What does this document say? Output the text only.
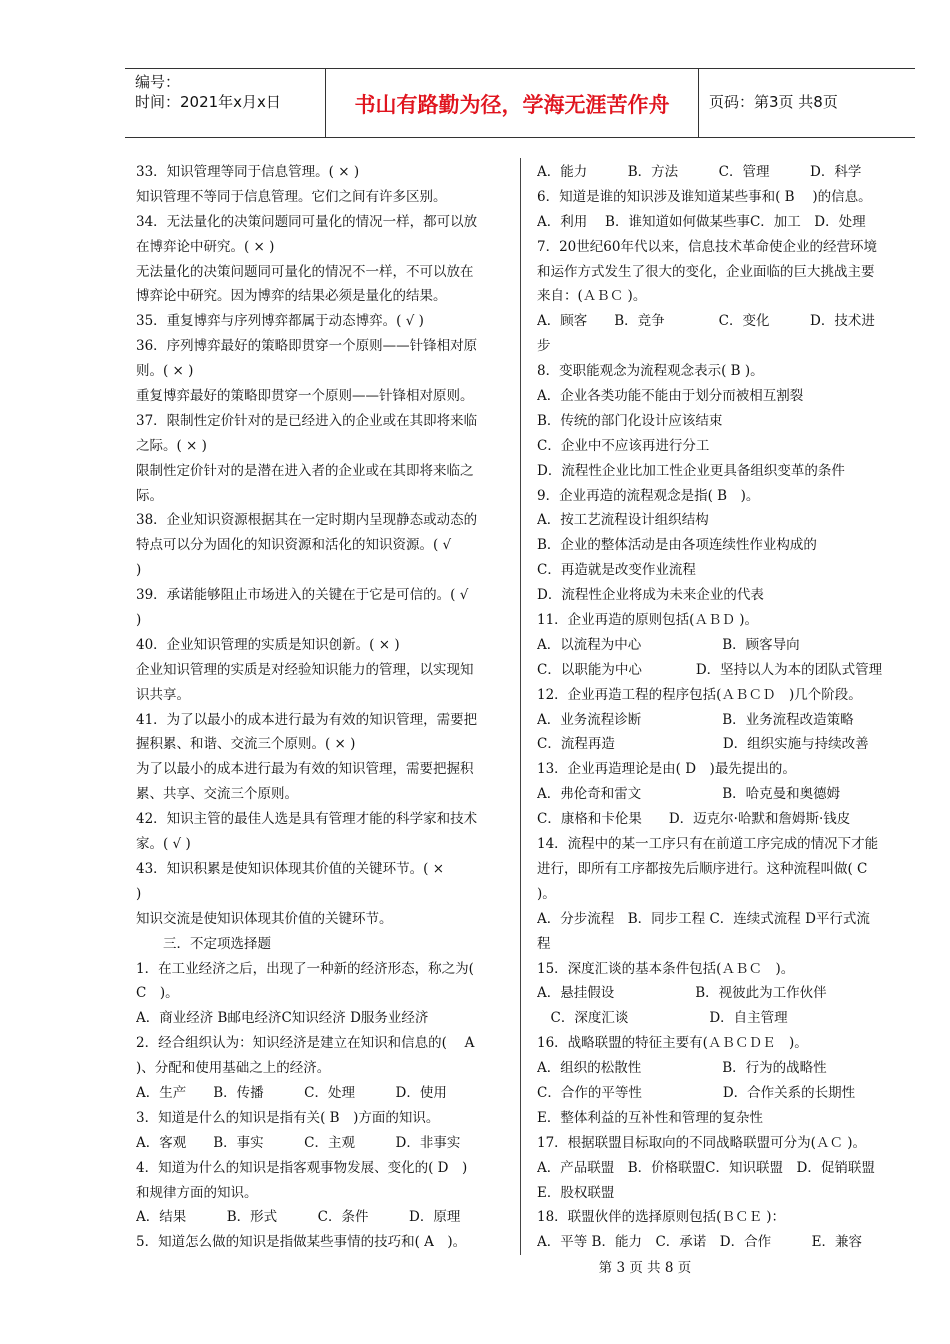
编号：
时间：2021年x月x日	书山有路勤为径，学海无涯苦作舟	页码：第3页 共8页
33．知识管理等同于信息管理。( × )
知识管理不等同于信息管理。它们之间有许多区别。
34．无法量化的决策问题同可量化的情况一样，都可以放
在博弈论中研究。( × )
无法量化的决策问题同可量化的情况不一样，不可以放在
博弈论中研究。因为博弈的结果必须是量化的结果。
35．重复博弈与序列博弈都属于动态博弈。( √ )
36．序列博弈最好的策略即贯穿一个原则——针锋相对原
则。( × )
重复博弈最好的策略即贯穿一个原则——针锋相对原则。
37．限制性定价针对的是已经进入的企业或在其即将来临
之际。( × )
限制性定价针对的是潜在进入者的企业或在其即将来临之
际。
38．企业知识资源根据其在一定时期内呈现静态或动态的
特点可以分为固化的知识资源和活化的知识资源。( √
)
39．承诺能够阻止市场进入的关键在于它是可信的。( √
)
40．企业知识管理的实质是知识创新。( × )
企业知识管理的实质是对经验知识能力的管理，以实现知
识共享。
41．为了以最小的成本进行最为有效的知识管理，需要把
握积累、和谐、交流三个原则。( × )
为了以最小的成本进行最为有效的知识管理，需要把握积
累、共享、交流三个原则。
42．知识主管的最佳人选是具有管理才能的科学家和技术
家。( √ )
43．知识积累是使知识体现其价值的关键环节。( ×
)
知识交流是使知识体现其价值的关键环节。
　　三．不定项选择题
1．在工业经济之后，出现了一种新的经济形态，称之为(
C　)。
A．商业经济 B邮电经济C知识经济 D服务业经济
2．经合组织认为：知识经济是建立在知识和信息的(　 A
)、分配和使用基础之上的经济。
A．生产　　B．传播　　　C．处理　　　D．使用
3．知道是什么的知识是指有关( B　)方面的知识。
A．客观　　B．事实　　　C．主观　　　D．非事实
4．知道为什么的知识是指客观事物发展、变化的( D　)
和规律方面的知识。
A．结果　　　B．形式　　　C．条件　　　D．原理
5．知道怎么做的知识是指做某些事情的技巧和( A　)。
A．能力　　　B．方法　　　C．管理　　　D．科学
6．知道是谁的知识涉及谁知道某些事和( B　 )的信息。
A．利用　 B．谁知道如何做某些事C．加工　D．处理
7．20世纪60年代以来，信息技术革命使企业的经营环境
和运作方式发生了很大的变化，企业面临的巨大挑战主要
来自：(ＡＢＣ )。
A．顾客　　B．竞争　　　　C．变化　　　D．技术进
步
8．变职能观念为流程观念表示( B )。
A．企业各类功能不能由于划分而被相互割裂
B．传统的部门化设计应该结束
C．企业中不应该再进行分工
D．流程性企业比加工性企业更具备组织变革的条件
9．企业再造的流程观念是指( B　)。
A．按工艺流程设计组织结构
B．企业的整体活动是由各项连续性作业构成的
C．再造就是改变作业流程
D．流程性企业将成为未来企业的代表
11．企业再造的原则包括(ＡＢＤ )。
A．以流程为中心　　　　　　B．顾客导向
C．以职能为中心　　　　D．坚持以人为本的团队式管理
12．企业再造工程的程序包括(ＡＢＣＤ　)几个阶段。
A．业务流程诊断　　　　　　B．业务流程改造策略
C．流程再造　　　　　　　　D．组织实施与持续改善
13．企业再造理论是由( D　)最先提出的。
A．弗伦奇和雷文　　　　　　B．哈克曼和奥德姆
C．康格和卡伦果　　D．迈克尔·哈默和詹姆斯·钱皮
14．流程中的某一工序只有在前道工序完成的情况下才能
进行，即所有工序都按先后顺序进行。这种流程叫做( C
)。
A．分步流程　B．同步工程 C．连续式流程 D平行式流
程
15．深度汇谈的基本条件包括(ＡＢＣ　)。
A．悬挂假设　　　　　　B．视彼此为工作伙伴
　C．深度汇谈　　　　　　D．自主管理
16．战略联盟的特征主要有(ＡＢＣＤＥ　)。
A．组织的松散性　　　　　　B．行为的战略性
C．合作的平等性　　　　　　D．合作关系的长期性
E．整体利益的互补性和管理的复杂性
17．根据联盟目标取向的不同战略联盟可分为(ＡＣ )。
A．产品联盟　B．价格联盟C．知识联盟　D．促销联盟
E．股权联盟
18．联盟伙伴的选择原则包括(ＢＣＥ )：
A．平等 B．能力　C．承诺　D．合作　　　E．兼容
第 3 页 共 8 页
